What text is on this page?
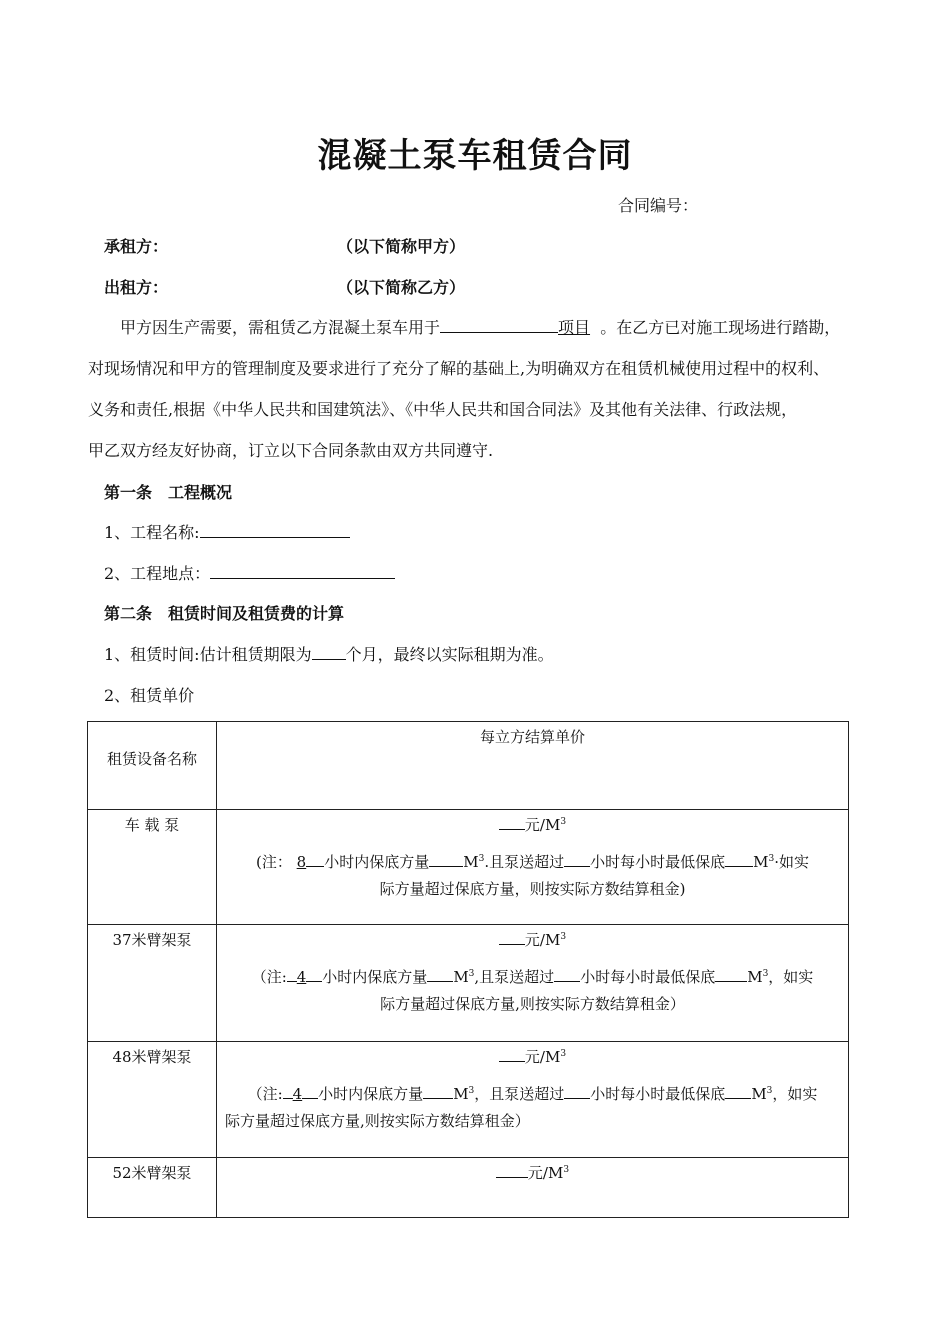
混凝土泵车租赁合同
合同编号：
承租方：	（以下简称甲方）
出租方：	（以下简称乙方）
甲方因生产需要，需租赁乙方混凝土泵车用于	项目 。在乙方已对施工现场进行踏勘，
对现场情况和甲方的管理制度及要求进行了充分了解的基础上,为明确双方在租赁机械使用过程中的权利、
义务和责任,根据《中华人民共和国建筑法》、《中华人民共和国合同法》及其他有关法律、行政法规，
甲乙双方经友好协商，订立以下合同条款由双方共同遵守.
第一条　工程概况
1、工程名称:
2、工程地点：
第二条　租赁时间及租赁费的计算
1、租赁时间:估计租赁期限为 个月，最终以实际租期为准。
2、租赁单价
租赁设备名称	每立方结算单价
车 载 泵	元$/M^3$
(注： 8 小时内保底方量 $M^3$.且泵送超过 小时每小时最低保底 $M^3\cdot$如实
际方量超过保底方量，则按实际方数结算租金)

37米臂架泵	元$/M^3$
（注: 4 小时内保底方量 $M^3$,且泵送超过 小时每小时最低保底 $M^3$，如实
际方量超过保底方量,则按实际方数结算租金）

48米臂架泵	元$/M^3$
（注: 4 小时内保底方量 $M^3$，且泵送超过 小时每小时最低保底 $M^3$，如实
际方量超过保底方量,则按实际方数结算租金）

52米臂架泵	元$/M^3$
